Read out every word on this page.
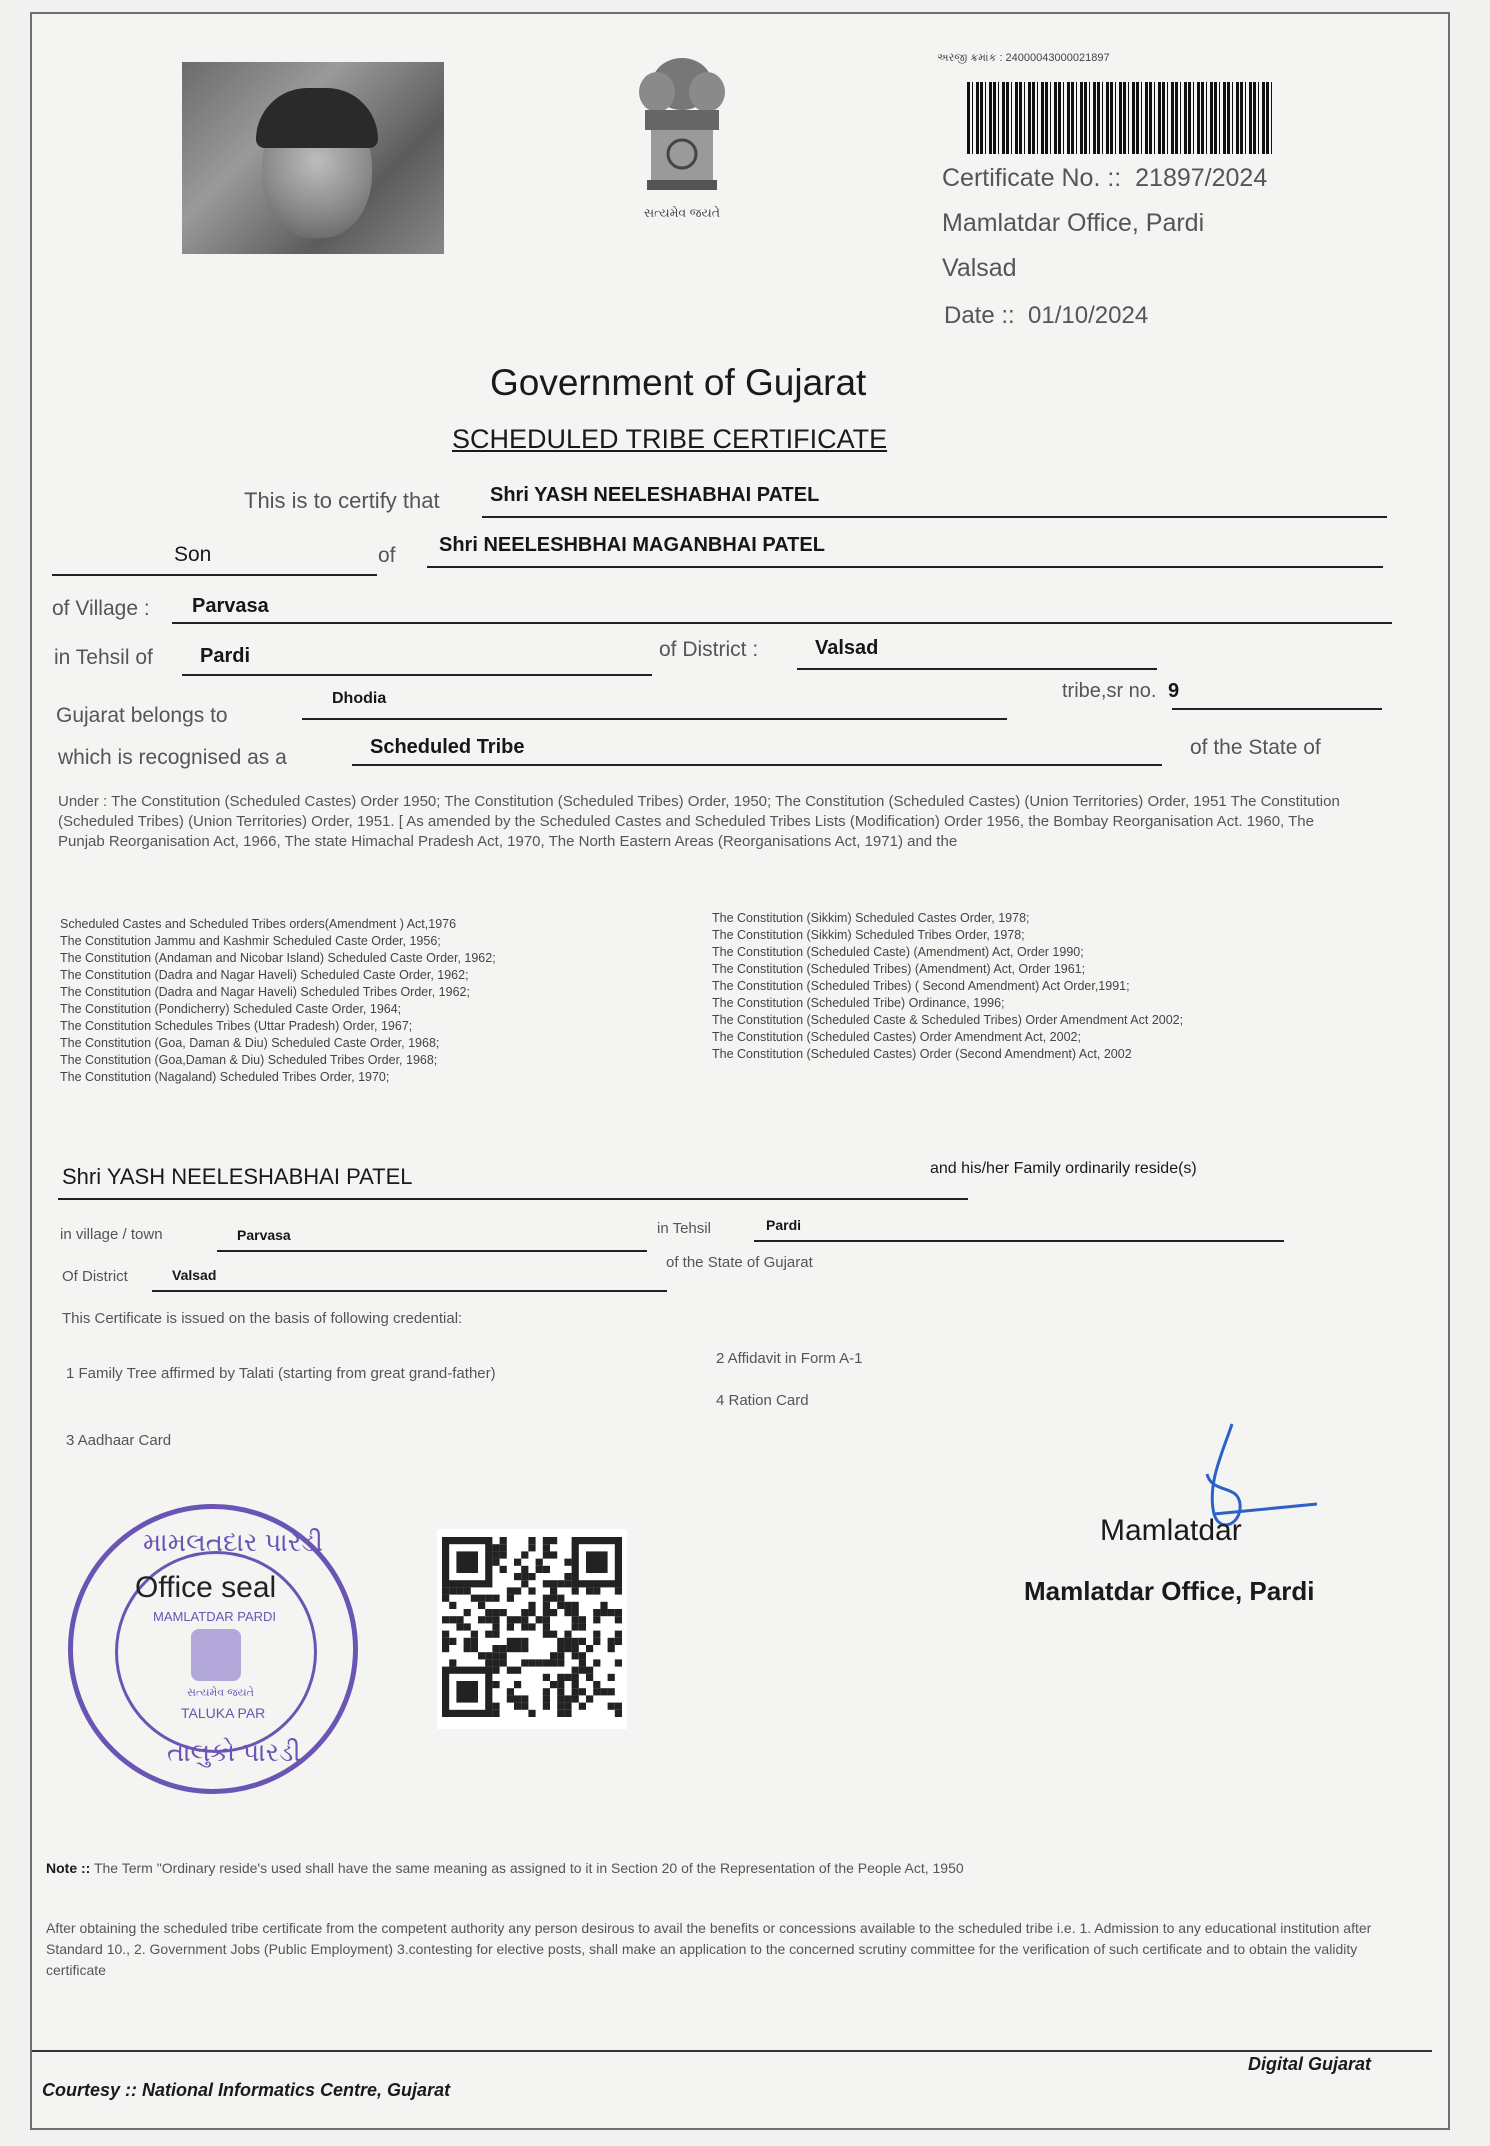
સત્યમેવ જયતે
અરજી ક્રમાંક : 24000043000021897
Certificate No. :: 21897/2024
Mamlatdar Office, Pardi
Valsad
Date :: 01/10/2024
Government of Gujarat
SCHEDULED TRIBE CERTIFICATE
This is to certify that	Shri YASH NEELESHABHAI PATEL
Son	of	Shri NEELESHBHAI MAGANBHAI PATEL
of Village :	Parvasa
in Tehsil of	Pardi	of District :	Valsad
Gujarat belongs to
Dhodia	tribe,sr no. 9
which is recognised as a	Scheduled Tribe	of the State of
Under : The Constitution (Scheduled Castes) Order 1950; The Constitution (Scheduled Tribes) Order, 1950; The Constitution (Scheduled Castes) (Union Territories) Order, 1951 The Constitution (Scheduled Tribes) (Union Territories) Order, 1951. [ As amended by the Scheduled Castes and Scheduled Tribes Lists (Modification) Order 1956, the Bombay Reorganisation Act. 1960, The Punjab Reorganisation Act, 1966, The state Himachal Pradesh Act, 1970, The North Eastern Areas (Reorganisations Act, 1971) and the
Scheduled Castes and Scheduled Tribes orders(Amendment ) Act,1976
The Constitution Jammu and Kashmir Scheduled Caste Order, 1956;
The Constitution (Andaman and Nicobar Island) Scheduled Caste Order, 1962;
The Constitution (Dadra and Nagar Haveli) Scheduled Caste Order, 1962;
The Constitution (Dadra and Nagar Haveli) Scheduled Tribes Order, 1962;
The Constitution (Pondicherry) Scheduled Caste Order, 1964;
The Constitution Schedules Tribes (Uttar Pradesh) Order, 1967;
The Constitution (Goa, Daman & Diu) Scheduled Caste Order, 1968;
The Constitution (Goa,Daman & Diu) Scheduled Tribes Order, 1968;
The Constitution (Nagaland) Scheduled Tribes Order, 1970;
The Constitution (Sikkim) Scheduled Castes Order, 1978;
The Constitution (Sikkim) Scheduled Tribes Order, 1978;
The Constitution (Scheduled Caste) (Amendment) Act, Order 1990;
The Constitution (Scheduled Tribes) (Amendment) Act, Order 1961;
The Constitution (Scheduled Tribes) ( Second Amendment) Act Order,1991;
The Constitution (Scheduled Tribe) Ordinance, 1996;
The Constitution (Scheduled Caste & Scheduled Tribes) Order Amendment Act 2002;
The Constitution (Scheduled Castes) Order Amendment Act, 2002;
The Constitution (Scheduled Castes) Order (Second Amendment) Act, 2002
Shri YASH NEELESHABHAI PATEL	and his/her Family ordinarily reside(s)
in village / town	Parvasa	in Tehsil	Pardi
Of District	Valsad
of the State of Gujarat
This Certificate is issued on the basis of following credential:
1 Family Tree affirmed by Talati (starting from great grand-father)
2 Affidavit in Form A-1
3 Aadhaar Card
4 Ration Card
Mamlatdar
Mamlatdar Office, Pardi
મામલતદાર પારડી
Office seal
MAMLATDAR PARDI
સત્યમેવ જયતે
TALUKA PAR
તાલુકો પારડી
Note :: The Term "Ordinary reside's used shall have the same meaning as assigned to it in Section 20 of the Representation of the People Act, 1950
After obtaining the scheduled tribe certificate from the competent authority any person desirous to avail the benefits or concessions available to the scheduled tribe i.e. 1. Admission to any educational institution after Standard 10., 2. Government Jobs (Public Employment) 3.contesting for elective posts, shall make an application to the concerned scrutiny committee for the verification of such certificate and to obtain the validity certificate
Digital Gujarat
Courtesy :: National Informatics Centre, Gujarat
